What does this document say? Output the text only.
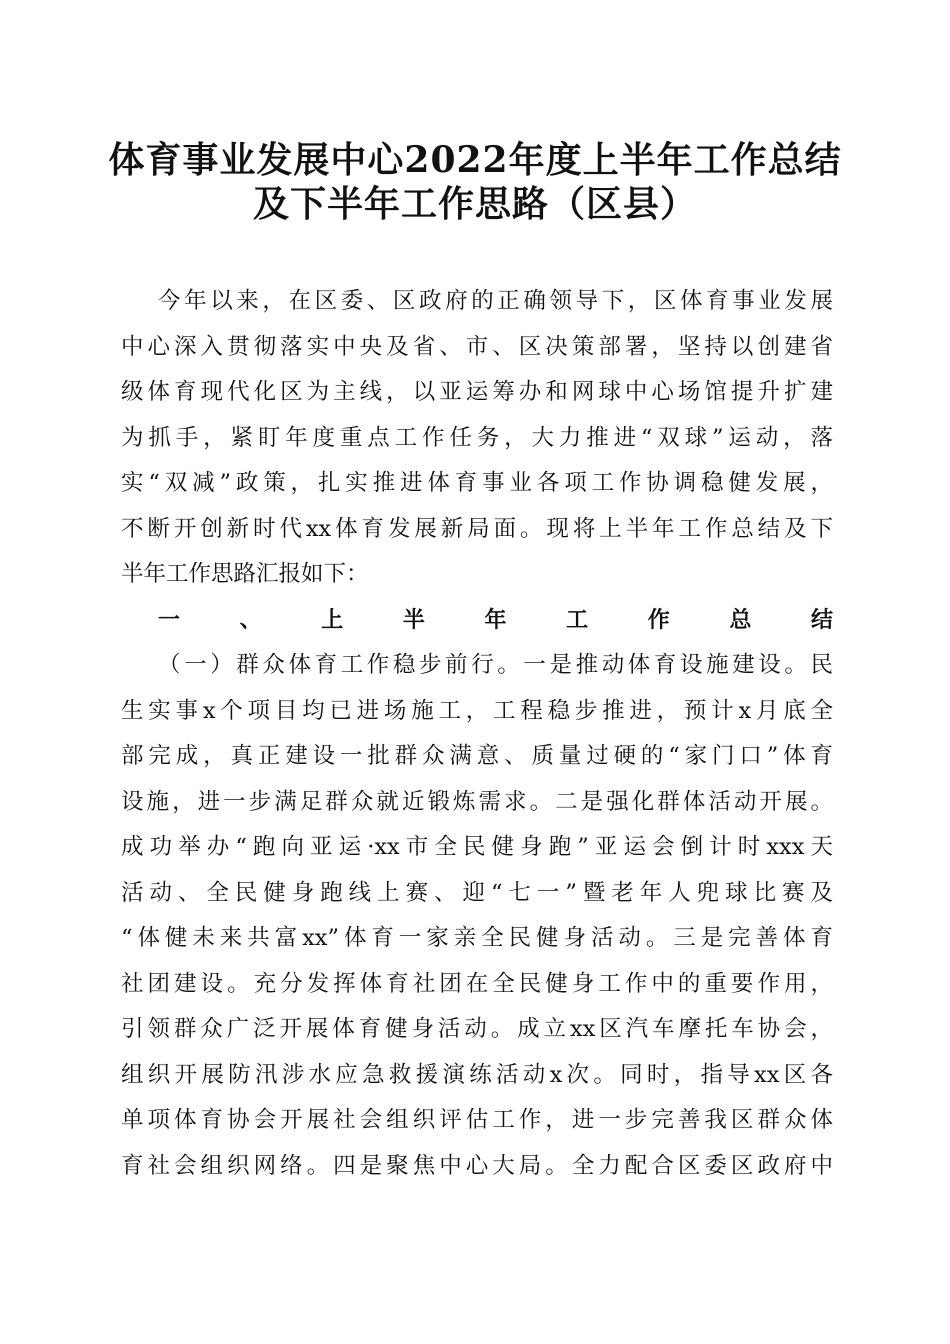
体育事业发展中心2022年度上半年工作总结
及下半年工作思路（区县）
今年以来，在区委、区政府的正确领导下，区体育事业发展
中心深入贯彻落实中央及省、市、区决策部署，坚持以创建省
级体育现代化区为主线，以亚运筹办和网球中心场馆提升扩建
为抓手，紧盯年度重点工作任务，大力推进“双球”运动，落
实“双减”政策，扎实推进体育事业各项工作协调稳健发展，
不断开创新时代xx体育发展新局面。现将上半年工作总结及下
半年工作思路汇报如下：
一、上半年工作总结
（一）群众体育工作稳步前行。一是推动体育设施建设。民
生实事x个项目均已进场施工，工程稳步推进，预计x月底全
部完成，真正建设一批群众满意、质量过硬的“家门口”体育
设施，进一步满足群众就近锻炼需求。二是强化群体活动开展。
成功举办“跑向亚运·xx市全民健身跑”亚运会倒计时xxx天
活动、全民健身跑线上赛、迎“七一”暨老年人兜球比赛及
“体健未来共富xx”体育一家亲全民健身活动。三是完善体育
社团建设。充分发挥体育社团在全民健身工作中的重要作用，
引领群众广泛开展体育健身活动。成立xx区汽车摩托车协会，
组织开展防汛涉水应急救援演练活动x次。同时，指导xx区各
单项体育协会开展社会组织评估工作，进一步完善我区群众体
育社会组织网络。四是聚焦中心大局。全力配合区委区政府中
